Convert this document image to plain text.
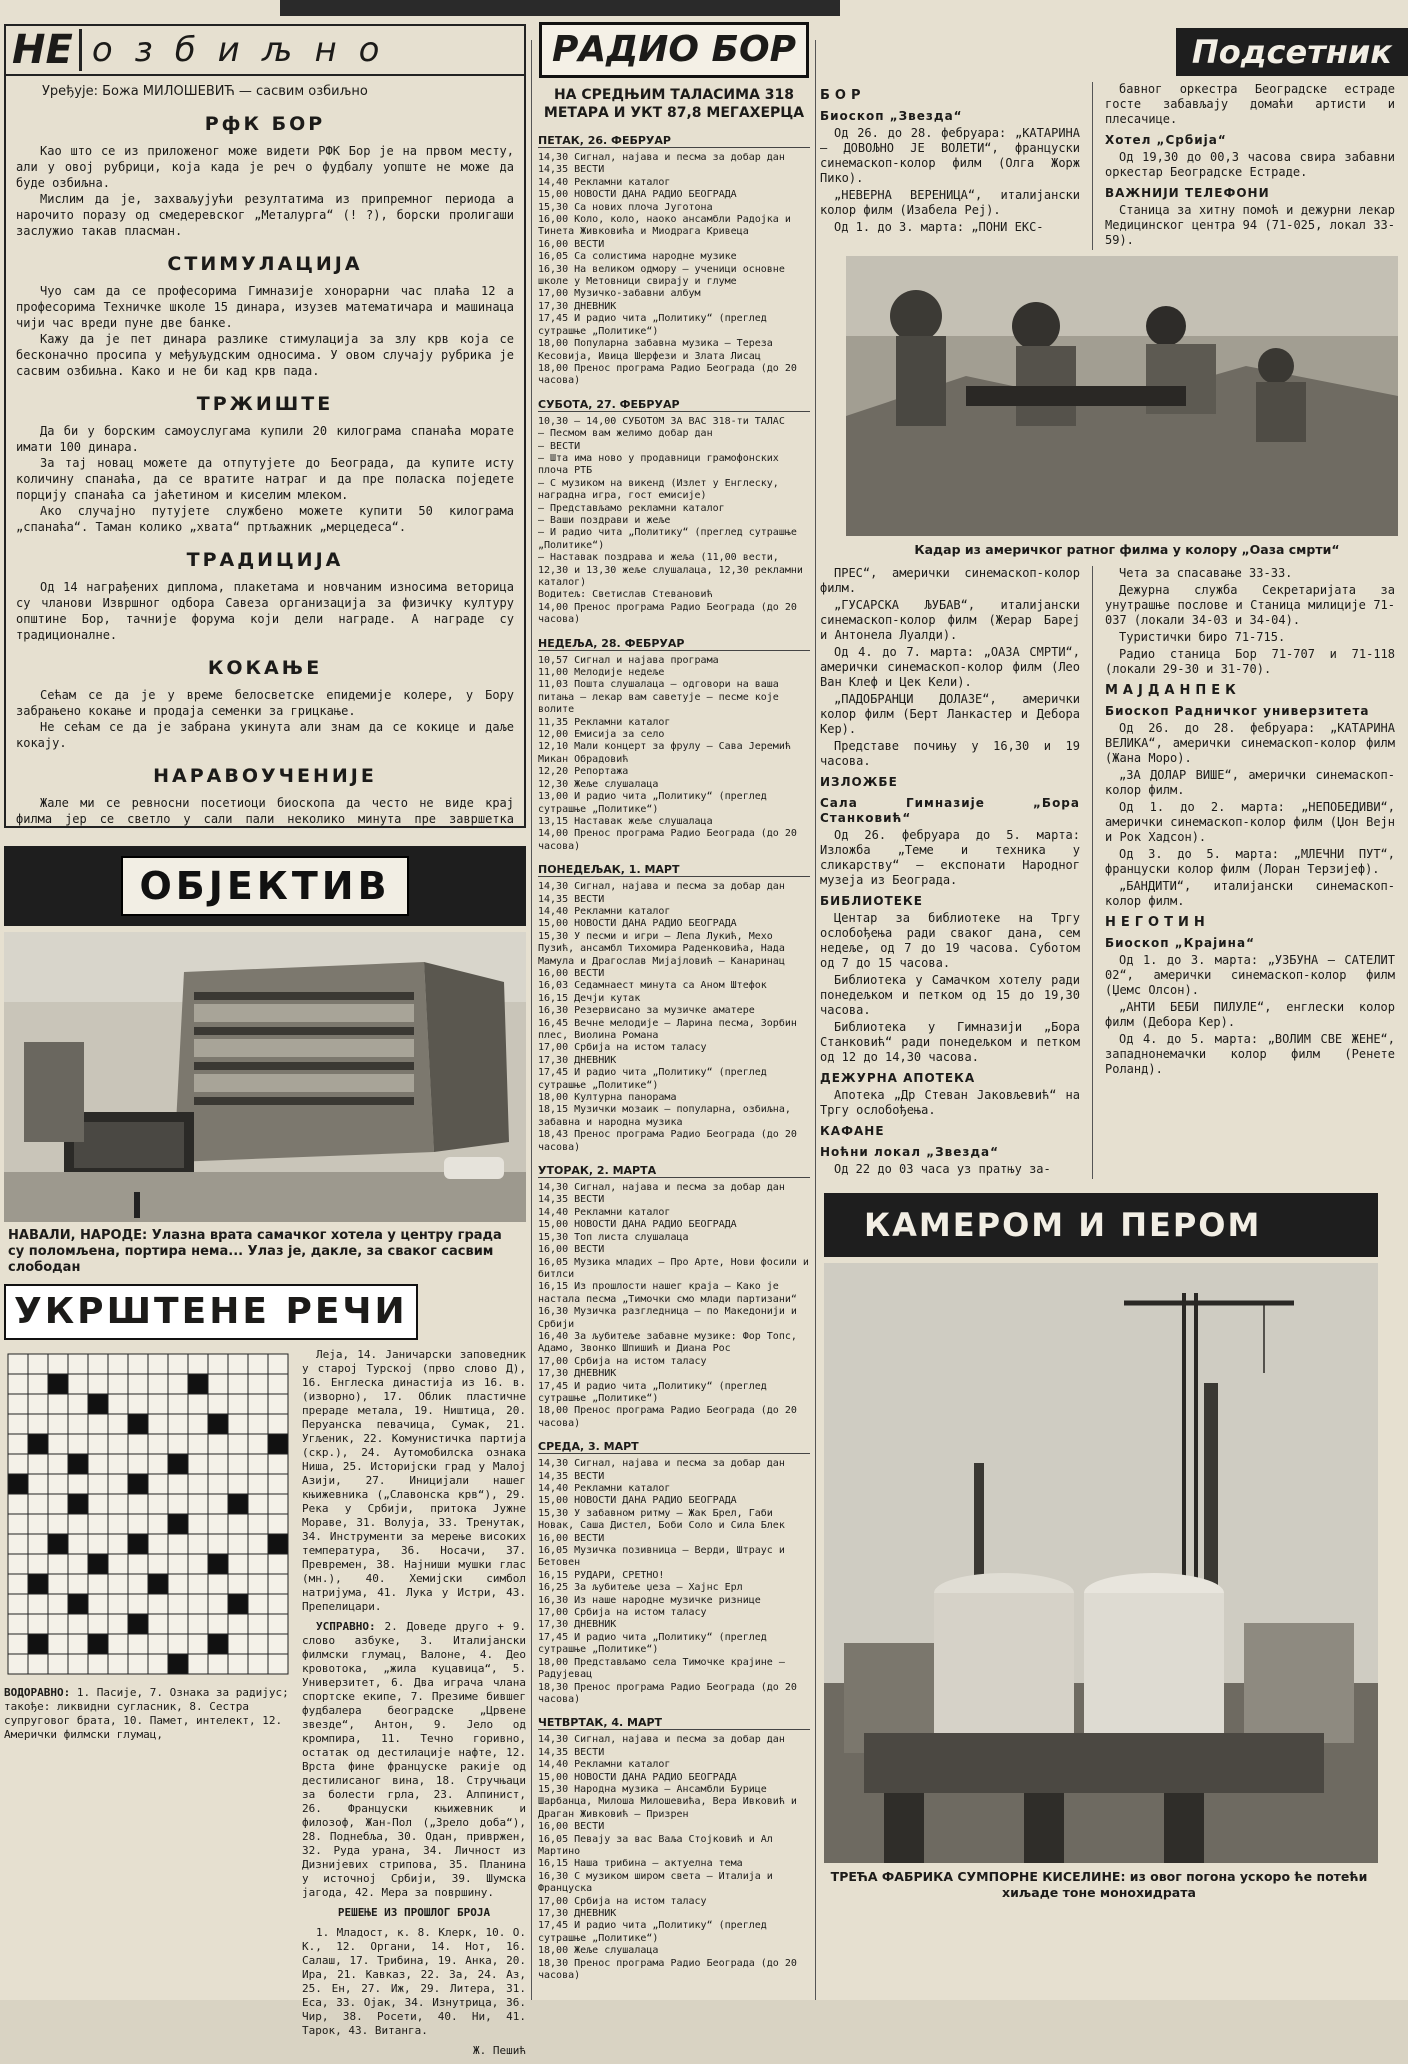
НЕ озбиљно
Уређује: Божа МИЛОШЕВИЋ — сасвим озбиљно
РфК БОР

Као што се из приложеног може видети РФК Бор је на првом месту, али у овој рубрици, која када је реч о фудбалу уопште не може да буде озбиљна.

Мислим да је, захваљујући резултатима из припремног периода а нарочито поразу од смедеревског „Металурга“ (! ?), борски пролигаши заслужио такав пласман.

СТИМУЛАЦИЈА

Чуо сам да се професорима Гимназије хонорарни час плаћа 12 а професорима Техничке школе 15 динара, изузев математичара и машинаца чији час вреди пуне две банке.

Кажу да је пет динара разлике стимулација за злу крв која се бесконачно просипа у међуљудским односима. У овом случају рубрика је сасвим озбиљна. Како и не би кад крв пада.

ТРЖИШТЕ

Да би у борским самоуслугама купили 20 килограма спанаћа морате имати 100 динара.

За тај новац можете да отпутујете до Београда, да купите исту количину спанаћа, да се вратите натраг и да пре поласка поједете порцију спанаћа са јаћетином и киселим млеком.

Ако случајно путујете службено можете купити 50 килограма „спанаћа“. Таман колико „хвата“ пртљажник „мерцедеса“.

ТРАДИЦИЈА

Од 14 награђених диплома, плакетама и новчаним износима веторица су чланови Извршног одбора Савеза организација за физичку културу општине Бор, тачније форума који дели награде. А награде су традиционалне.

КОКАЊЕ

Сећам се да је у време белосветске епидемије колере, у Бору забрањено кокање и продаја семенки за грицкање.

Не сећам се да је забрана укинута али знам да се кокице и даље кокају.

НАРАВОУЧЕНИЈЕ

Жале ми се ревносни посетиоци биоскопа да често не виде крај филма јер се светло у сали пали неколико минута пре завршетка

ОБЈЕКТИВ
НАВАЛИ, НАРОДЕ: Улазна врата самачког хотела у центру града су поломљена, портира нема... Улаз је, дакле, за сваког сасвим слободан
УКРШТЕНЕ РЕЧИ
ВОДОРАВНО: 1. Пасије, 7. Ознака за радијус; такође: ликвидни сугласник, 8. Сестра супруговог брата, 10. Памет, интелект, 12. Амерички филмски глумац,

Леја, 14. Јаничарски заповедник у старој Турској (прво слово Д), 16. Енглеска династија из 16. в. (изворно), 17. Облик пластичне прераде метала, 19. Ништица, 20. Перуанска певачица, Сумак, 21. Угљеник, 22. Комунистичка партија (скр.), 24. Аутомобилска ознака Ниша, 25. Историјски град у Малој Азији, 27. Иницијали нашег књижевника („Славонска крв“), 29. Река у Србији, притока Јужне Мораве, 31. Волуја, 33. Тренутак, 34. Инструменти за мерење високих температура, 36. Носачи, 37. Превремен, 38. Најниши мушки глас (мн.), 40. Хемијски симбол натријума, 41. Лука у Истри, 43. Препелицари.

УСПРАВНО: 2. Доведе друго + 9. слово азбуке, 3. Италијански филмски глумац, Валоне, 4. Део кровотока, „жила куцавица“, 5. Универзитет, 6. Два играча члана спортске екипе, 7. Презиме бившег фудбалера београдске „Црвене звезде“, Антон, 9. Јело од кромпира, 11. Течно горивно, остатак од дестилације нафте, 12. Врста фине француске ракије од дестилисаног вина, 18. Стручњаци за болести грла, 23. Алпинист, 26. Француски књижевник и филозоф, Жан-Пол („Зрело доба“), 28. Поднебља, 30. Одан, привржен, 32. Руда урана, 34. Личност из Дизнијевих стрипова, 35. Планина у источној Србији, 39. Шумска јагода, 42. Мера за површину.

РЕШЕЊЕ ИЗ ПРОШЛОГ БРОЈА

1. Младост, к. 8. Клерк, 10. О. К., 12. Органи, 14. Нот, 16. Салаш, 17. Трибина, 19. Анка, 20. Ира, 21. Кавказ, 22. За, 24. Аз, 25. Ен, 27. Иж, 29. Литера, 31. Еса, 33. Ојак, 34. Изнутрица, 36. Чир, 38. Росети, 40. Ни, 41. Тарок, 43. Витанга.

Ж. Пешић

РАДИО БОР
НА СРЕДЊИМ ТАЛАСИМА 318 МЕТАРА И УКТ 87,8 МЕГАХЕРЦА
ПЕТАК, 26. ФЕБРУАР
14,30 Сигнал, најава и песма за добар дан
14,35 ВЕСТИ
14,40 Рекламни каталог
15,00 НОВОСТИ ДАНА РАДИО БЕОГРАДА
15,30 Са нових плоча Југотона
16,00 Коло, коло, наоко ансамбли Радојка и Тинета Живковића и Миодрага Кривеца
16,00 ВЕСТИ
16,05 Са солистима народне музике
16,30 На великом одмору — ученици основне школе у Метовници свирају и глуме
17,00 Музичко-забавни албум
17,30 ДНЕВНИК
17,45 И радио чита „Политику“ (преглед сутрашње „Политике“)
18,00 Популарна забавна музика — Тереза Кесовија, Ивица Шерфези и Злата Лисац
18,00 Пренос програма Радио Београда (до 20 часова)
СУБОТА, 27. ФЕБРУАР
10,30 — 14,00 СУБОТОМ ЗА ВАС 318-ти ТАЛАС
— Песмом вам желимо добар дан
— ВЕСТИ
— Шта има ново у продавници грамофонских плоча РТБ
— С музиком на викенд (Излет у Енглеску, наградна игра, гост емисије)
— Представљамо рекламни каталог
— Ваши поздрави и жеље
— И радио чита „Политику“ (преглед сутрашње „Политике“)
— Наставак поздрава и жеља (11,00 вести, 12,30 и 13,30 жеље слушалаца, 12,30 рекламни каталог)
Водитељ: Светислав Стевановић
14,00 Пренос програма Радио Београда (до 20 часова)
НЕДЕЉА, 28. ФЕБРУАР
10,57 Сигнал и најава програма
11,00 Мелодије недеље
11,03 Пошта слушалаца — одговори на ваша питања — лекар вам саветује — песме које волите
11,35 Рекламни каталог
12,00 Емисија за село
12,10 Мали концерт за фрулу — Сава Јеремић Микан Обрадовић
12,20 Репортажа
12,30 Жеље слушалаца
13,00 И радио чита „Политику“ (преглед сутрашње „Политике“)
13,15 Наставак жеље слушалаца
14,00 Пренос програма Радио Београда (до 20 часова)
ПОНЕДЕЉАК, 1. МАРТ
14,30 Сигнал, најава и песма за добар дан
14,35 ВЕСТИ
14,40 Рекламни каталог
15,00 НОВОСТИ ДАНА РАДИО БЕОГРАДА
15,30 У песми и игри — Лепа Лукић, Мехо Пузић, ансамбл Тихомира Раденковића, Нада Мамула и Драгослав Мијајловић — Канаринац
16,00 ВЕСТИ
16,03 Седамнаест минута са Аном Штефок
16,15 Дечји кутак
16,30 Резервисано за музичке аматере
16,45 Вечне мелодије — Ларина песма, Зорбин плес, Виолина Романа
17,00 Србија на истом таласу
17,30 ДНЕВНИК
17,45 И радио чита „Политику“ (преглед сутрашње „Политике“)
18,00 Културна панорама
18,15 Музички мозаик — популарна, озбиљна, забавна и народна музика
18,43 Пренос програма Радио Београда (до 20 часова)
УТОРАК, 2. МАРТА
14,30 Сигнал, најава и песма за добар дан
14,35 ВЕСТИ
14,40 Рекламни каталог
15,00 НОВОСТИ ДАНА РАДИО БЕОГРАДА
15,30 Топ листа слушалаца
16,00 ВЕСТИ
16,05 Музика младих — Про Арте, Нови фосили и битлси
16,15 Из прошлости нашег краја — Како је настала песма „Тимочки смо млади партизани“
16,30 Музичка разгледница — по Македонији и Србији
16,40 За љубитеље забавне музике: Фор Топс, Адамо, Звонко Шпишић и Диана Рос
17,00 Србија на истом таласу
17,30 ДНЕВНИК
17,45 И радио чита „Политику“ (преглед сутрашње „Политике“)
18,00 Пренос програма Радио Београда (до 20 часова)
СРЕДА, 3. МАРТ
14,30 Сигнал, најава и песма за добар дан
14,35 ВЕСТИ
14,40 Рекламни каталог
15,00 НОВОСТИ ДАНА РАДИО БЕОГРАДА
15,30 У забавном ритму — Жак Брел, Габи Новак, Саша Дистел, Боби Соло и Сила Блек
16,00 ВЕСТИ
16,05 Музичка позивница — Верди, Штраус и Бетовен
16,15 РУДАРИ, СРЕТНО!
16,25 За љубитеље џеза — Хајнс Ерл
16,30 Из наше народне музичке ризнице
17,00 Србија на истом таласу
17,30 ДНЕВНИК
17,45 И радио чита „Политику“ (преглед сутрашње „Политике“)
18,00 Представљамо села Тимочке крајине — Радујевац
18,30 Пренос програма Радио Београда (до 20 часова)
ЧЕТВРТАК, 4. МАРТ
14,30 Сигнал, најава и песма за добар дан
14,35 ВЕСТИ
14,40 Рекламни каталог
15,00 НОВОСТИ ДАНА РАДИО БЕОГРАДА
15,30 Народна музика — Ансамбли Бурице Шарбанца, Милоша Милошевића, Вера Ивковић и Драган Живковић — Призрен
16,00 ВЕСТИ
16,05 Певају за вас Ваља Стојковић и Ал Мартино
16,15 Наша трибина — актуелна тема
16,30 С музиком широм света — Италија и Француска
17,00 Србија на истом таласу
17,30 ДНЕВНИК
17,45 И радио чита „Политику“ (преглед сутрашње „Политике“)
18,00 Жеље слушалаца
18,30 Пренос програма Радио Београда (до 20 часова)
Подсетник

БОР

Биоскоп „Звезда“

Од 26. до 28. фебруара: „КАТАРИНА — ДОВОЉНО ЈЕ ВОЛЕТИ“, француски синемаскоп-колор филм (Олга Жорж Пико).

„НЕВЕРНА ВЕРЕНИЦА“, италијански колор филм (Изабела Реј).

Од 1. до 3. марта: „ПОНИ ЕКС-

бавног оркестра Београдске естраде госте забављају домаћи артисти и плесачице.

Хотел „Србија“

Од 19,30 до 00,3 часова свира забавни оркестар Београдске Естраде.

ВАЖНИЈИ ТЕЛЕФОНИ

Станица за хитну помоћ и дежурни лекар Медицинског центра 94 (71-025, локал 33-59).

Кадар из америчког ратног филма у колору „Оаза смрти“

ПРЕС“, амерички синемаскоп-колор филм.

„ГУСАРСКА ЉУБАВ“, италијански синемаскоп-колор филм (Жерар Барej и Антонела Луалди).

Од 4. до 7. марта: „ОАЗА СМРТИ“, амерички синемаскоп-колор филм (Лео Ван Клеф и Цек Кели).

„ПАДОБРАНЦИ ДОЛАЗЕ“, амерички колор филм (Берт Ланкастер и Дебора Кер).

Представе почињу у 16,30 и 19 часова.

ИЗЛОЖБЕ

Сала Гимназије „Бора Станковић“

Од 26. фебруара до 5. марта: Изложба „Теме и техника у сликарству“ — експонати Народног музеја из Београда.

БИБЛИОТЕКЕ

Центар за библиотеке на Тргу ослобођења ради сваког дана, сем недеље, од 7 до 19 часова. Суботом од 7 до 15 часова.

Библиотека у Самачком хотелу ради понедељком и петком од 15 до 19,30 часова.

Библиотека у Гимназији „Бора Станковић“ ради понедељком и петком од 12 до 14,30 часова.

ДЕЖУРНА АПОТЕКА

Апотека „Др Стеван Јаковљевић“ на Тргу ослобођења.

КАФАНЕ

Ноћни локал „Звезда“

Од 22 до 03 часа уз пратњу за-

Чета за спасавање 33-33.

Дежурна служба Секретаријата за унутрашње послове и Станица милиције 71-037 (локали 34-03 и 34-04).

Туристички биро 71-715.

Радио станица Бор 71-707 и 71-118 (локали 29-30 и 31-70).

МАЈДАНПЕК

Биоскоп Радничког универзитета

Од 26. до 28. фебруара: „КАТАРИНА ВЕЛИКА“, амерички синемаскоп-колор филм (Жана Моро).

„ЗА ДОЛАР ВИШЕ“, амерички синемаскоп-колор филм.

Од 1. до 2. марта: „НЕПОБЕДИВИ“, амерички синемаскоп-колор филм (Џон Вејн и Рок Хадсон).

Од 3. до 5. марта: „МЛЕЧНИ ПУТ“, француски колор филм (Лоран Терзијеф).

„БАНДИТИ“, италијански синемаскоп-колор филм.

НЕГОТИН

Биоскоп „Крајина“

Од 1. до 3. марта: „УЗБУНА — САТЕЛИТ 02“, амерички синемаскоп-колор филм (Џемс Олсон).

„АНТИ БЕБИ ПИЛУЛЕ“, енглески колор филм (Дебора Кер).

Од 4. до 5. марта: „ВОЛИМ СВЕ ЖЕНЕ“, западнонемачки колор филм (Ренете Роланд).

КАМЕРОМ И ПЕРОМ
ТРЕЋА ФАБРИКА СУМПОРНЕ КИСЕЛИНЕ: из овог погона ускоро ће потећи хиљаде тоне монохидрата
